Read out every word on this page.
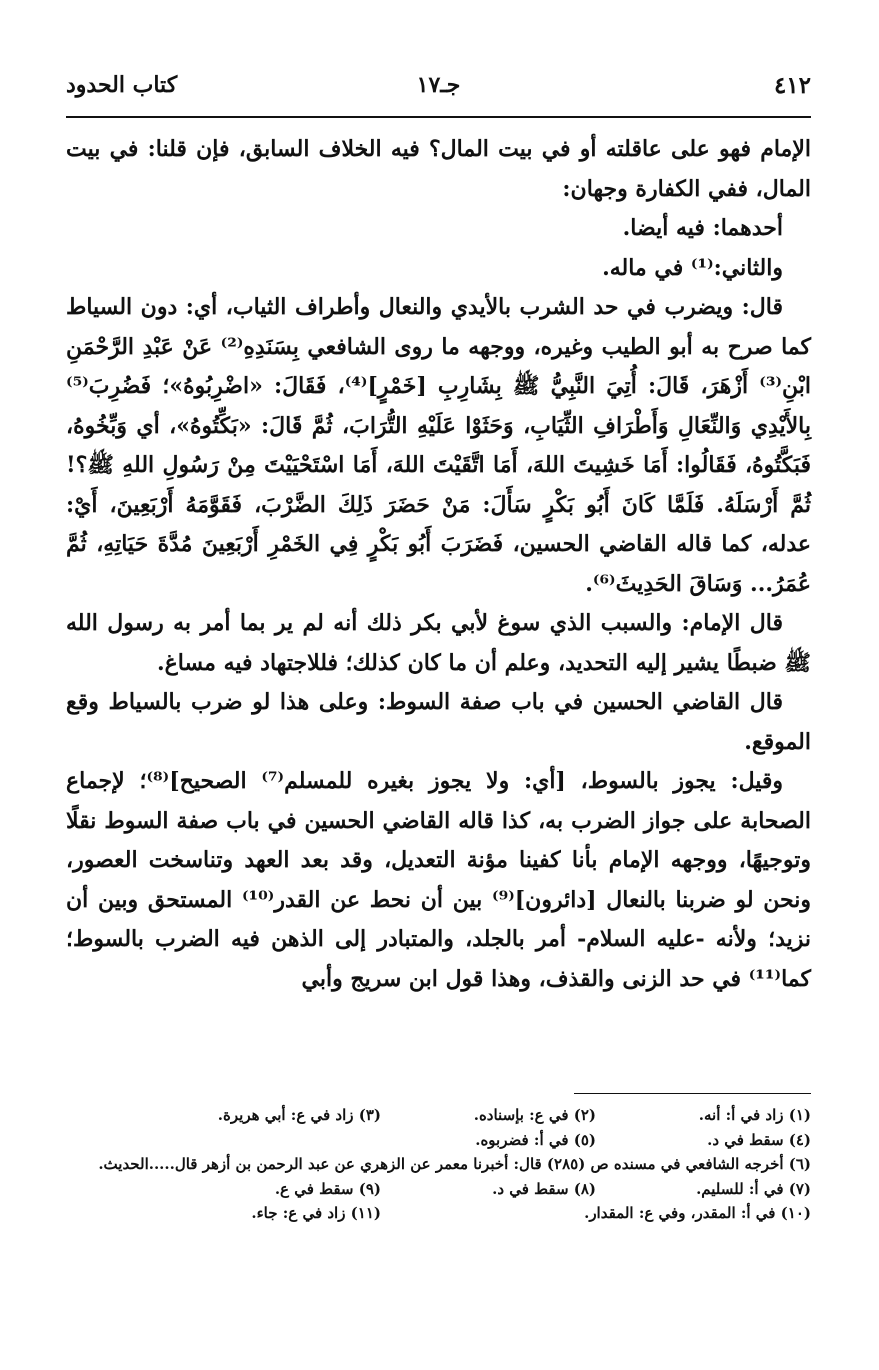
٤١٢
جـ١٧
كتاب الحدود

الإمام فهو على عاقلته أو في بيت المال؟ فيه الخلاف السابق، فإن قلنا: في بيت المال، ففي الكفارة وجهان:

أحدهما: فيه أيضا.

والثاني:⁽¹⁾ في ماله.

قال: ويضرب في حد الشرب بالأيدي والنعال وأطراف الثياب، أي: دون السياط كما صرح به أبو الطيب وغيره، ووجهه ما روى الشافعي بِسَنَدِهِ⁽²⁾ عَنْ عَبْدِ الرَّحْمَنِ ابْنِ⁽³⁾ أَزْهَرَ، قَالَ: أُتِيَ النَّبِيُّ ﷺ بِشَارِبِ [خَمْرٍ]⁽⁴⁾، فَقَالَ: «اضْرِبُوهُ»؛ فَضُرِبَ⁽⁵⁾ بِالأَيْدِي وَالنِّعَالِ وَأَطْرَافِ الثِّيَابِ، وَحَثَوْا عَلَيْهِ التُّرَابَ، ثُمَّ قَالَ: «بَكِّتُوهُ»، أي وَبِّخُوهُ، فَبَكَّتُوهُ، فَقَالُوا: أَمَا خَشِيتَ اللهَ، أَمَا اتَّقَيْتَ اللهَ، أَمَا اسْتَحْيَيْتَ مِنْ رَسُولِ اللهِ ﷺ؟! ثُمَّ أَرْسَلَهُ. فَلَمَّا كَانَ أَبُو بَكْرٍ سَأَلَ: مَنْ حَضَرَ ذَلِكَ الضَّرْبَ، فَقَوَّمَهُ أَرْبَعِينَ، أَيْ: عدله، كما قاله القاضي الحسين، فَضَرَبَ أَبُو بَكْرٍ فِي الخَمْرِ أَرْبَعِينَ مُدَّةَ حَيَاتِهِ، ثُمَّ عُمَرُ... وَسَاقَ الحَدِيثَ⁽⁶⁾.

قال الإمام: والسبب الذي سوغ لأبي بكر ذلك أنه لم ير بما أمر به رسول الله ﷺ ضبطًا يشير إليه التحديد، وعلم أن ما كان كذلك؛ فللاجتهاد فيه مساغ.

قال القاضي الحسين في باب صفة السوط: وعلى هذا لو ضرب بالسياط وقع الموقع.

وقيل: يجوز بالسوط، [أي: ولا يجوز بغيره للمسلم⁽⁷⁾ الصحيح]⁽⁸⁾؛ لإجماع الصحابة على جواز الضرب به، كذا قاله القاضي الحسين في باب صفة السوط نقلًا وتوجيهًا، ووجهه الإمام بأنا كفينا مؤنة التعديل، وقد بعد العهد وتناسخت العصور، ونحن لو ضربنا بالنعال [دائرون]⁽⁹⁾ بين أن نحط عن القدر⁽¹⁰⁾ المستحق وبين أن نزيد؛ ولأنه -عليه السلام- أمر بالجلد، والمتبادر إلى الذهن فيه الضرب بالسوط؛ كما⁽¹¹⁾ في حد الزنى والقذف، وهذا قول ابن سريج وأبي

(١) زاد في أ: أنه.
(٢) في ع: بإسناده.
(٣) زاد في ع: أبي هريرة.
(٤) سقط في د.
(٥) في أ: فضربوه.
(٦) أخرجه الشافعي في مسنده ص (٢٨٥) قال: أخبرنا معمر عن الزهري عن عبد الرحمن بن أزهر قال.....الحديث.
(٧) في أ: للسليم.
(٨) سقط في د.
(٩) سقط في ع.
(١٠) في أ: المقدر، وفي ع: المقدار.
(١١) زاد في ع: جاء.
